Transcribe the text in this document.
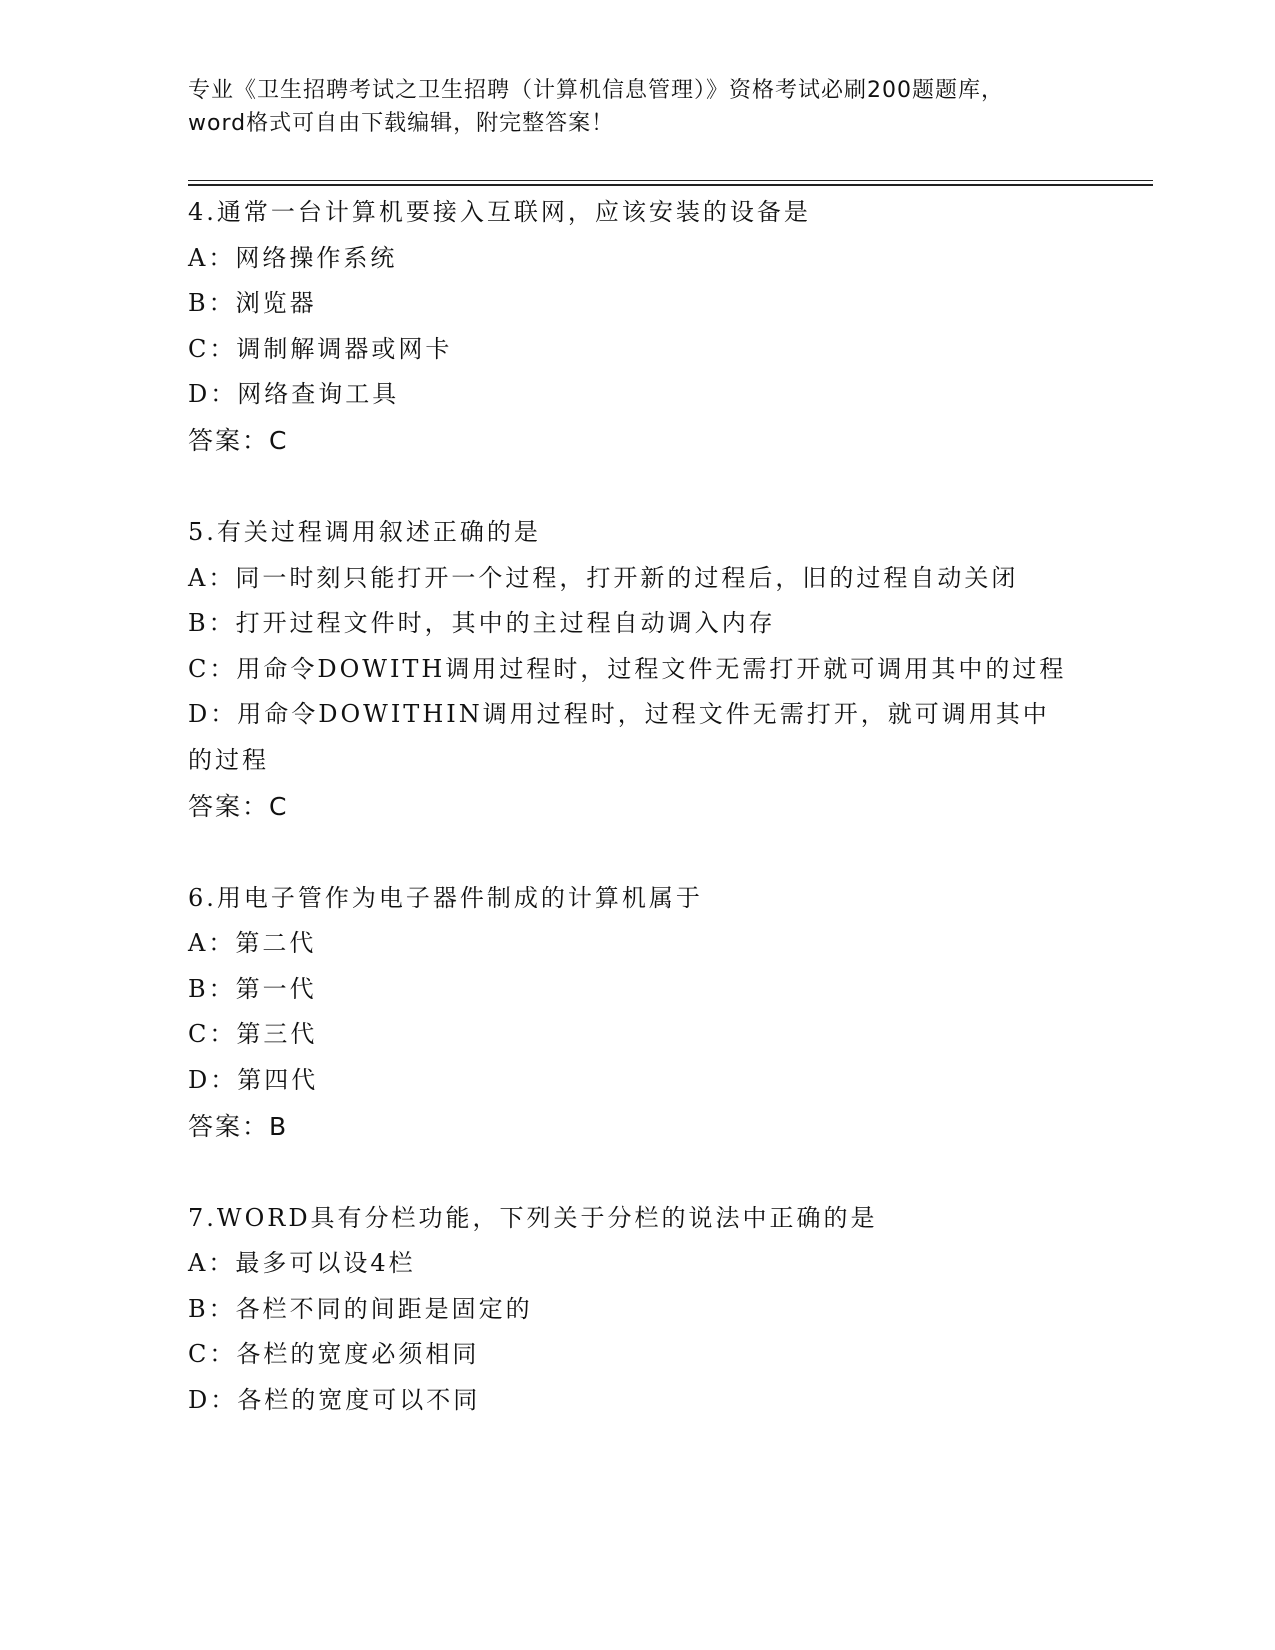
专业《卫生招聘考试之卫生招聘（计算机信息管理）》资格考试必刷200题题库，

word格式可自由下载编辑，附完整答案！

4.通常一台计算机要接入互联网，应该安装的设备是
A：网络操作系统
B：浏览器
C：调制解调器或网卡
D：网络查询工具
答案：C
5.有关过程调用叙述正确的是
A：同一时刻只能打开一个过程，打开新的过程后，旧的过程自动关闭
B：打开过程文件时，其中的主过程自动调入内存
C：用命令DOWITH调用过程时，过程文件无需打开就可调用其中的过程
D：用命令DOWITHIN调用过程时，过程文件无需打开，就可调用其中的过程
答案：C
6.用电子管作为电子器件制成的计算机属于
A：第二代
B：第一代
C：第三代
D：第四代
答案：B
7.WORD具有分栏功能，下列关于分栏的说法中正确的是
A：最多可以设4栏
B：各栏不同的间距是固定的
C：各栏的宽度必须相同
D：各栏的宽度可以不同
